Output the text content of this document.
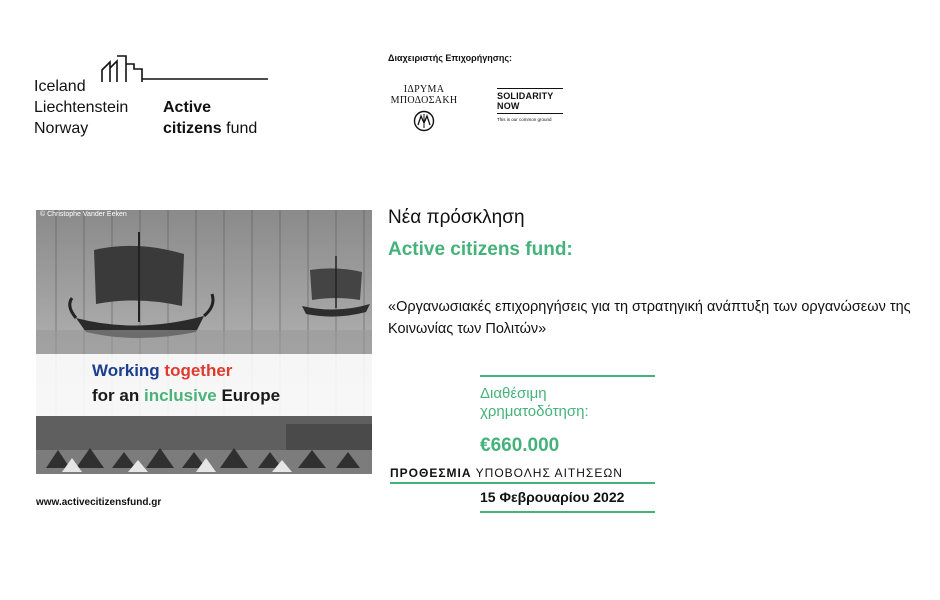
Iceland
Liechtenstein
Norway
Active
citizens fund
Διαχειριστής Επιχορήγησης:
ΙΔΡΥΜΑ
ΜΠΟΔΟΣΑΚΗ	SOLIDARITY
NOW
This is our common ground
© Christophe Vander Eeken
Working together
for an inclusive Europe
www.activecitizensfund.gr
Νέα πρόσκληση
Active citizens fund:
«Οργανωσιακές επιχορηγήσεις για τη στρατηγική ανάπτυξη των οργανώσεων της Κοινωνίας των Πολιτών»
Διαθέσιμη
χρηματοδότηση:
€660.000
ΠΡΟΘΕΣΜΙΑ ΥΠΟΒΟΛΗΣ ΑΙΤΗΣΕΩΝ
15 Φεβρουαρίου 2022
